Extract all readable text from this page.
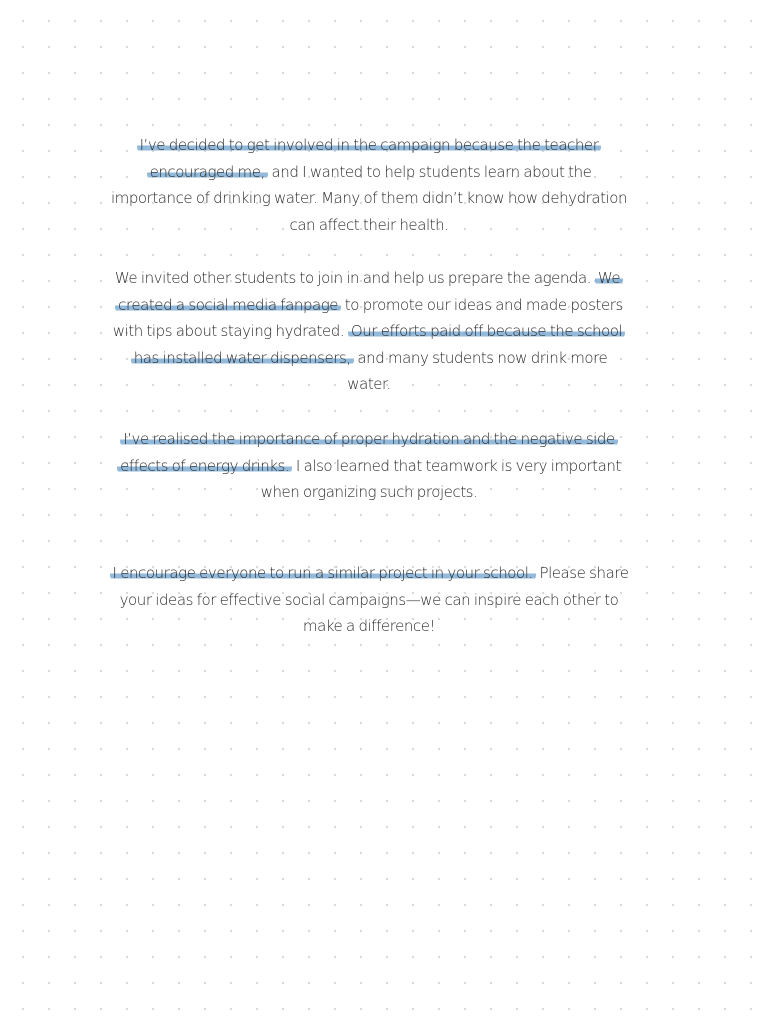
I’ve decided to get involved in the campaign because the teacher encouraged me, and I wanted to help students learn about the importance of drinking water. Many of them didn’t know how dehydration can affect their health.

We invited other students to join in and help us prepare the agenda. We created a social media fanpage to promote our ideas and made posters with tips about staying hydrated. Our efforts paid off because the school has installed water dispensers, and many students now drink more water.

I’ve realised the importance of proper hydration and the negative side effects of energy drinks. I also learned that teamwork is very important when organizing such projects.

I encourage everyone to run a similar project in your school. Please share your ideas for effective social campaigns—we can inspire each other to make a difference!
